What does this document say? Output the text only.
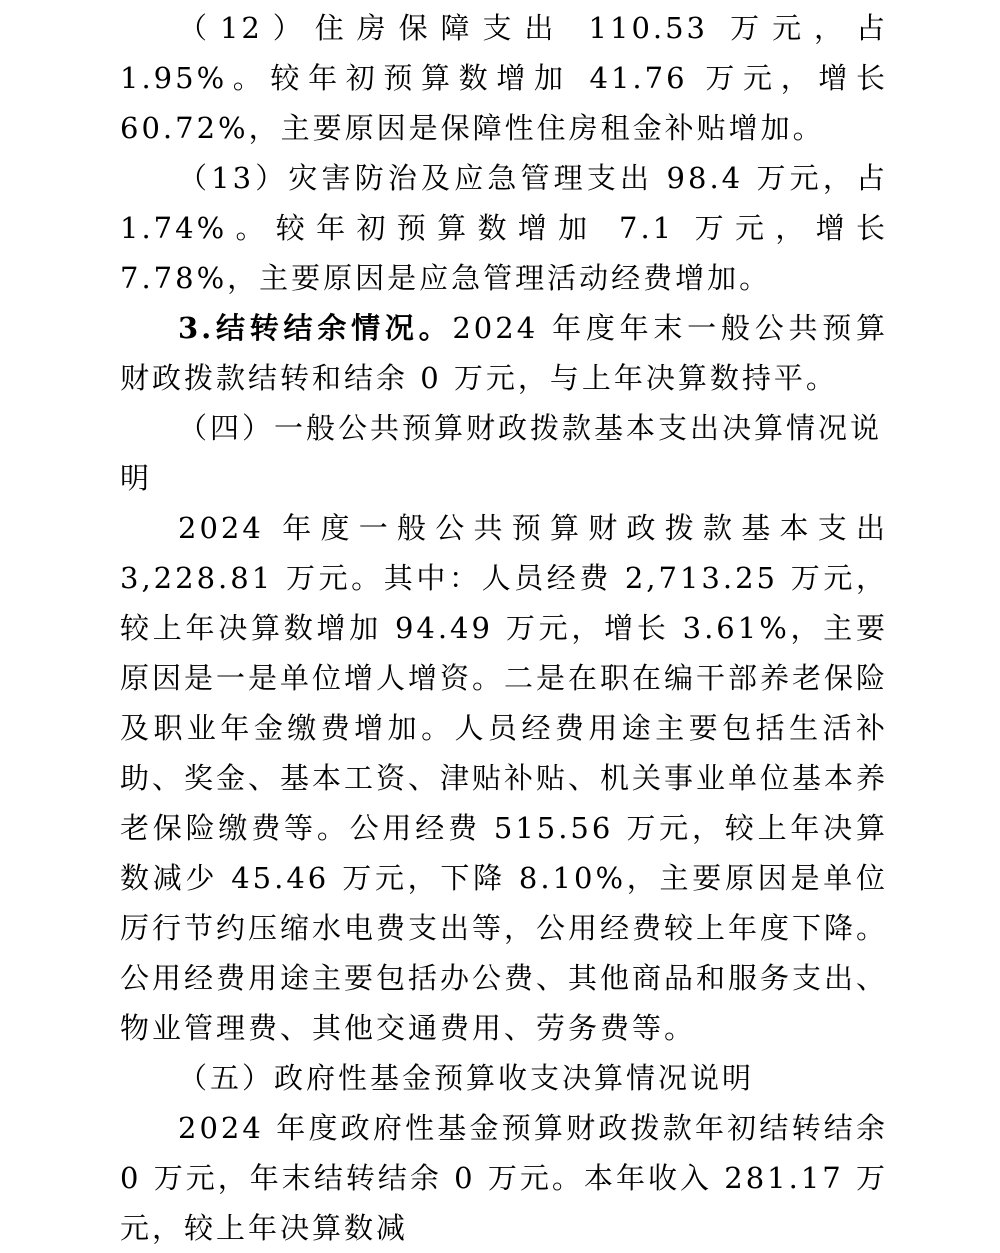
（12）住房保障支出 110.53 万元，占 1.95%。较年初预算数增加 41.76 万元，增长 60.72%，主要原因是保障性住房租金补贴增加。

（13）灾害防治及应急管理支出 98.4 万元，占 1.74%。较年初预算数增加 7.1 万元，增长 7.78%，主要原因是应急管理活动经费增加。

3.结转结余情况。2024 年度年末一般公共预算财政拨款结转和结余 0 万元，与上年决算数持平。

（四）一般公共预算财政拨款基本支出决算情况说明

2024 年度一般公共预算财政拨款基本支出 3,228.81 万元。其中：人员经费 2,713.25 万元，较上年决算数增加 94.49 万元，增长 3.61%，主要原因是一是单位增人增资。二是在职在编干部养老保险及职业年金缴费增加。人员经费用途主要包括生活补助、奖金、基本工资、津贴补贴、机关事业单位基本养老保险缴费等。公用经费 515.56 万元，较上年决算数减少 45.46 万元，下降 8.10%，主要原因是单位厉行节约压缩水电费支出等，公用经费较上年度下降。公用经费用途主要包括办公费、其他商品和服务支出、物业管理费、其他交通费用、劳务费等。

（五）政府性基金预算收支决算情况说明

2024 年度政府性基金预算财政拨款年初结转结余 0 万元，年末结转结余 0 万元。本年收入 281.17 万元，较上年决算数减
